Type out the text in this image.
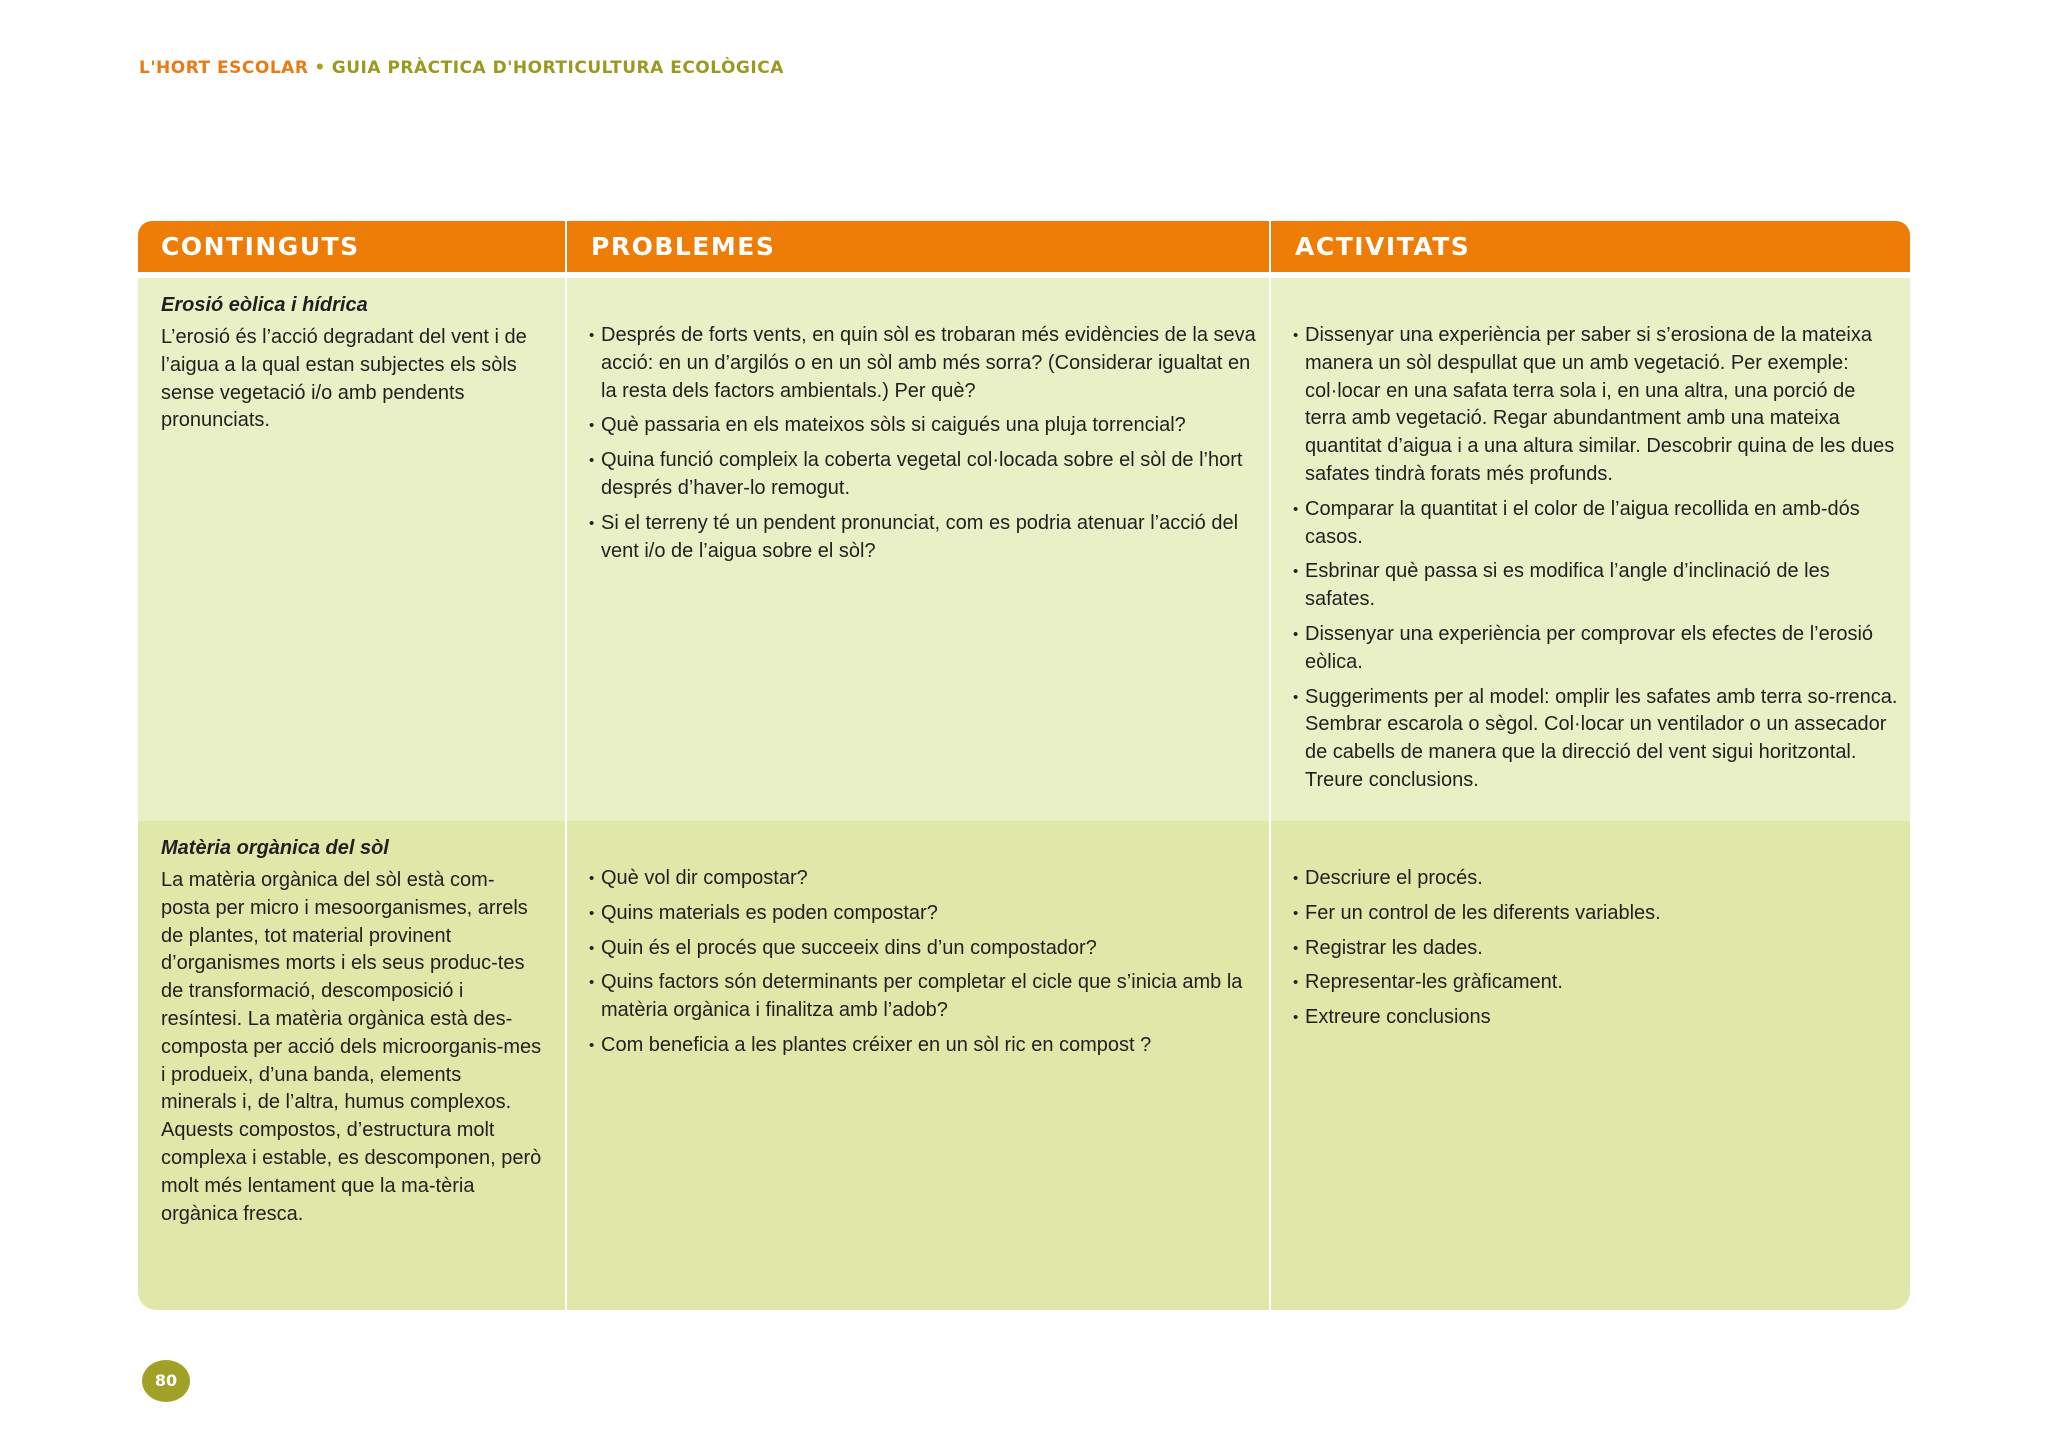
L'HORT ESCOLAR • GUIA PRÀCTICA D'HORTICULTURA ECOLÒGICA
CONTINGUTS	PROBLEMES	ACTIVITATS
Erosió eòlica i hídrica
L’erosió és l’acció degradant del vent i de l’aigua a la qual estan subjectes els sòls sense vegetació i/o amb pendents pronunciats.
• Després de forts vents, en quin sòl es trobaran més evidències de la seva acció: en un d’argilós o en un sòl amb més sorra? (Considerar igualtat en la resta dels factors ambientals.) Per què?
• Què passaria en els mateixos sòls si caigués una pluja torrencial?
• Quina funció compleix la coberta vegetal col·locada sobre el sòl de l’hort després d’haver-lo remogut.
• Si el terreny té un pendent pronunciat, com es podria atenuar l’acció del vent i/o de l’aigua sobre el sòl?
• Dissenyar una experiència per saber si s’erosiona de la mateixa manera un sòl despullat que un amb vegetació. Per exemple: col·locar en una safata terra sola i, en una altra, una porció de terra amb vegetació. Regar abundantment amb una mateixa quantitat d’aigua i a una altura similar. Descobrir quina de les dues safates tindrà forats més profunds.
• Comparar la quantitat i el color de l’aigua recollida en amb-dós casos.
• Esbrinar què passa si es modifica l’angle d’inclinació de les safates.
• Dissenyar una experiència per comprovar els efectes de l’erosió eòlica.
• Suggeriments per al model: omplir les safates amb terra so-rrenca. Sembrar escarola o sègol. Col·locar un ventilador o un assecador de cabells de manera que la direcció del vent sigui horitzontal. Treure conclusions.
Matèria orgànica del sòl
La matèria orgànica del sòl està com-posta per micro i mesoorganismes, arrels de plantes, tot material provinent d’organismes morts i els seus produc-tes de transformació, descomposició i resíntesi. La matèria orgànica està des-composta per acció dels microorganis-mes i produeix, d’una banda, elements minerals i, de l’altra, humus complexos. Aquests compostos, d’estructura molt complexa i estable, es descomponen, però molt més lentament que la ma-tèria orgànica fresca.
• Què vol dir compostar?
• Quins materials es poden compostar?
• Quin és el procés que succeeix dins d’un compostador?
• Quins factors són determinants per completar el cicle que s’inicia amb la matèria orgànica i finalitza amb l’adob?
• Com beneficia a les plantes créixer en un sòl ric en compost ?
• Descriure el procés.
• Fer un control de les diferents variables.
• Registrar les dades.
• Representar-les gràficament.
• Extreure conclusions
80
